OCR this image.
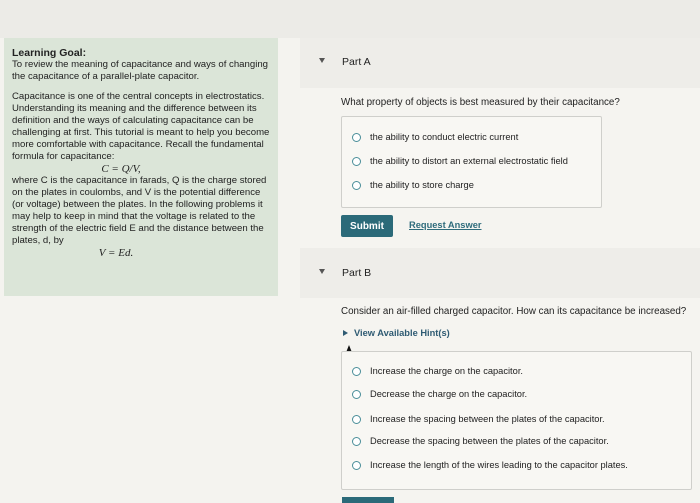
Learning Goal:

To review the meaning of capacitance and ways of changing the capacitance of a parallel-plate capacitor.

Capacitance is one of the central concepts in electrostatics. Understanding its meaning and the difference between its definition and the ways of calculating capacitance can be challenging at first. This tutorial is meant to help you become more comfortable with capacitance. Recall the fundamental formula for capacitance:

C = Q/V,

where C is the capacitance in farads, Q is the charge stored on the plates in coulombs, and V is the potential difference (or voltage) between the plates. In the following problems it may help to keep in mind that the voltage is related to the strength of the electric field E and the distance between the plates, d, by

V = Ed.

Part A
What property of objects is best measured by their capacitance?
the ability to conduct electric current
the ability to distort an external electrostatic field
the ability to store charge
Submit	Request Answer
Part B
Consider an air-filled charged capacitor. How can its capacitance be increased?
View Available Hint(s)
Increase the charge on the capacitor.
Decrease the charge on the capacitor.
Increase the spacing between the plates of the capacitor.
Decrease the spacing between the plates of the capacitor.
Increase the length of the wires leading to the capacitor plates.
